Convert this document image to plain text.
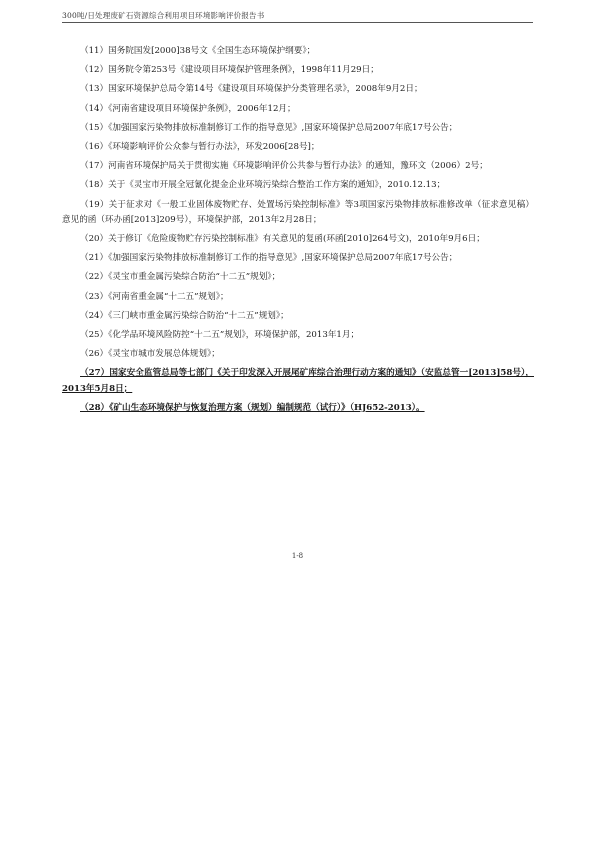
300吨/日处理废矿石资源综合利用项目环境影响评价报告书

（11）国务院国发[2000]38号文《全国生态环境保护纲要》；

（12）国务院令第253号《建设项目环境保护管理条例》，1998年11月29日；

（13）国家环境保护总局令第14号《建设项目环境保护分类管理名录》，2008年9月2日；

（14）《河南省建设项目环境保护条例》，2006年12月；

（15）《加强国家污染物排放标准制修订工作的指导意见》,国家环境保护总局2007年底17号公告；

（16）《环境影响评价公众参与暂行办法》，环发2006[28号]；

（17）河南省环境保护局关于贯彻实施《环境影响评价公共参与暂行办法》的通知，豫环文（2006）2号；

（18）关于《灵宝市开展全冠氰化提金企业环境污染综合整治工作方案的通知》，2010.12.13；

（19）关于征求对《一般工业固体废物贮存、处置场污染控制标准》等3项国家污染物排放标准修改单（征求意见稿）意见的函（环办函[2013]209号），环境保护部，2013年2月28日；

（20）关于修订《危险废物贮存污染控制标准》有关意见的复函(环函[2010]264号文)，2010年9月6日；

（21）《加强国家污染物排放标准制修订工作的指导意见》,国家环境保护总局2007年底17号公告；

（22）《灵宝市重金属污染综合防治“十二五”规划》；

（23）《河南省重金属“十二五”规划》；

（24）《三门峡市重金属污染综合防治“十二五”规划》；

（25）《化学品环境风险防控“十二五”规划》，环境保护部，2013年1月；

（26）《灵宝市城市发展总体规划》；

（27）国家安全监管总局等七部门《关于印发深入开展尾矿库综合治理行动方案的通知》（安监总管一[2013]58号），2013年5月8日；

（28）《矿山生态环境保护与恢复治理方案（规划）编制规范（试行）》（HJ652-2013）。

1-8
